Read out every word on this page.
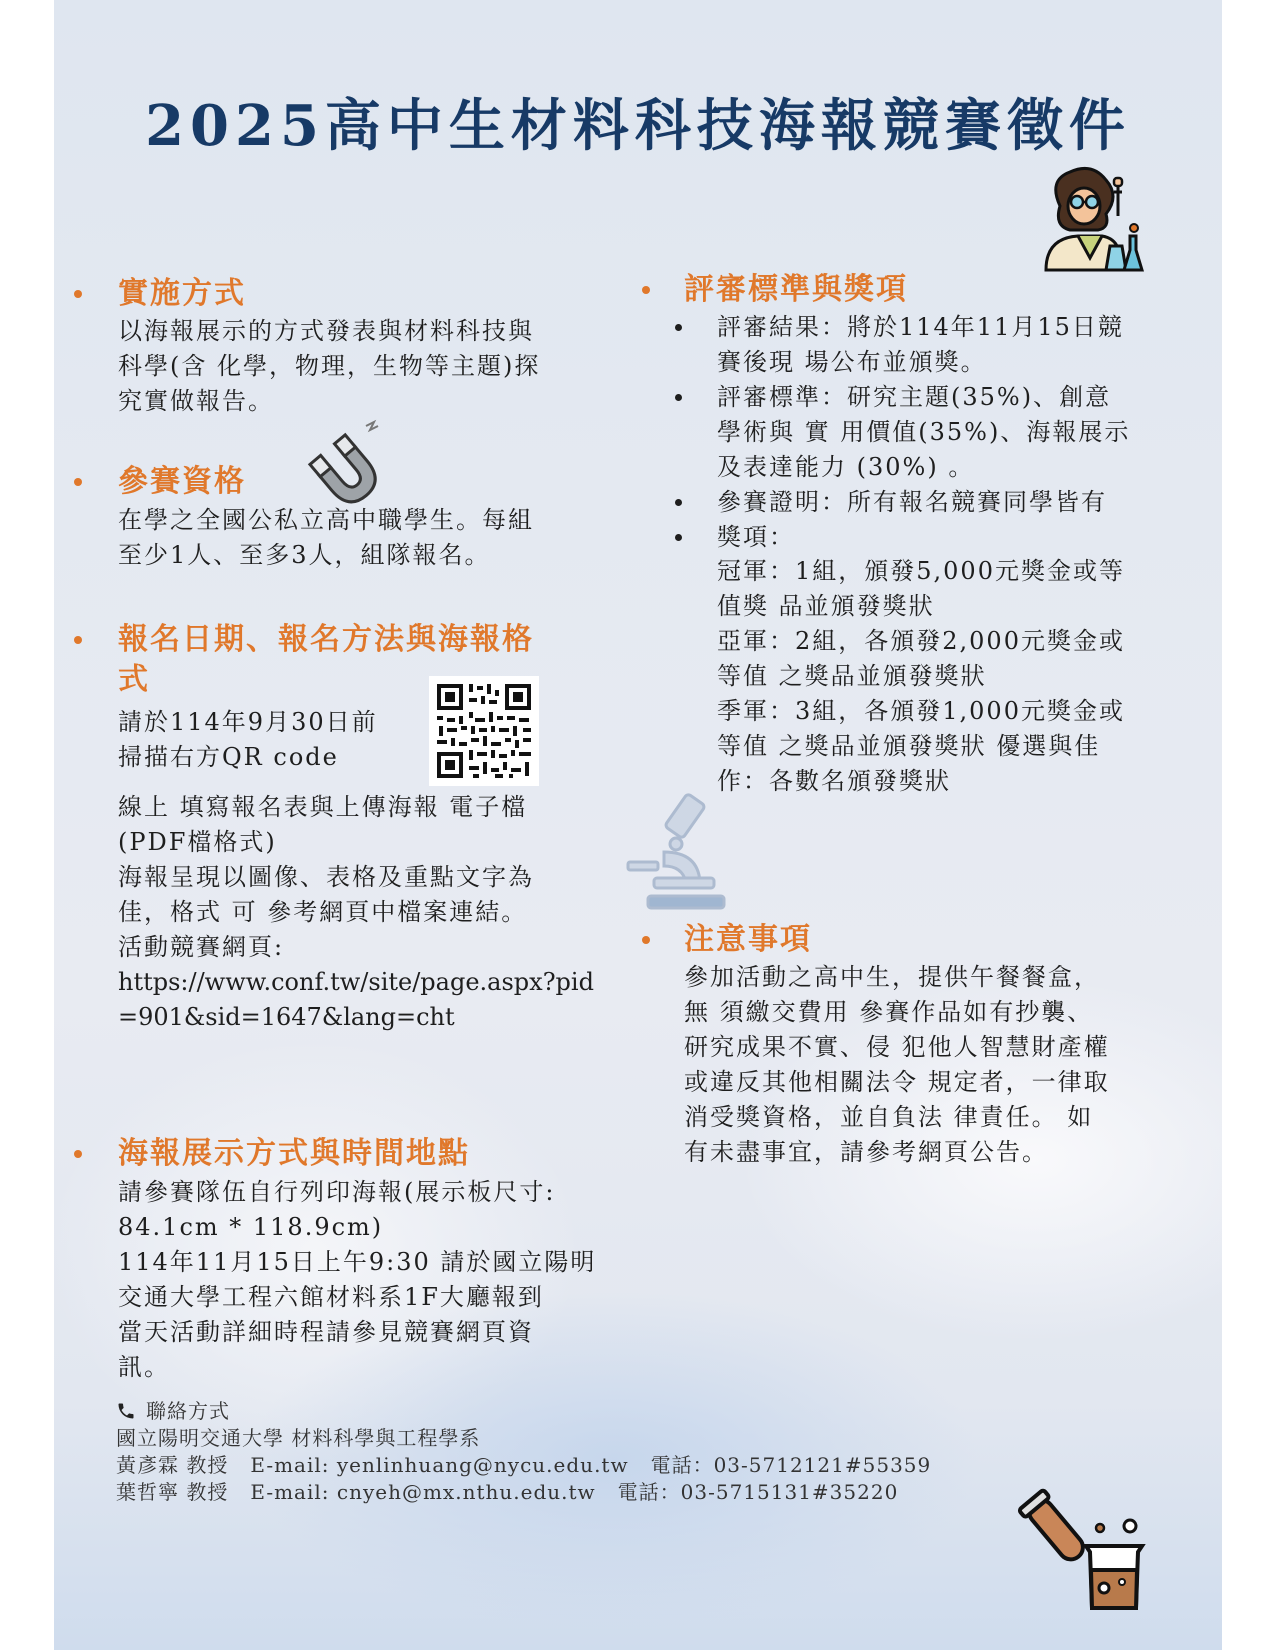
2025高中生材料科技海報競賽徵件
實施方式

以海報展示的方式發表與材料科技與

科學(含 化學，物理，生物等主題)探

究實做報告。

參賽資格

在學之全國公私立高中職學生。每組

至少1人、至多3人，組隊報名。

報名日期、報名方法與海報格
式

請於114年9月30日前

掃描右方QR code

線上 填寫報名表與上傳海報 電子檔

(PDF檔格式)

海報呈現以圖像、表格及重點文字為

佳，格式 可 參考網頁中檔案連結。

活動競賽網頁:

https://www.conf.tw/site/page.aspx?pid

=901&sid=1647&lang=cht

海報展示方式與時間地點

請參賽隊伍自行列印海報(展示板尺寸:

84.1cm * 118.9cm)

114年11月15日上午9:30 請於國立陽明

交通大學工程六館材料系1F大廳報到

當天活動詳細時程請參見競賽網頁資

訊。

評審標準與獎項
評審結果：將於114年11月15日競
賽後現 場公布並頒獎。
評審標準：研究主題(35%)、創意
學術與 實 用價值(35%)、海報展示
及表達能力 (30%) 。
參賽證明：所有報名競賽同學皆有
獎項：

冠軍：1組，頒發5,000元獎金或等

值獎 品並頒發獎狀

亞軍：2組，各頒發2,000元獎金或

等值 之獎品並頒發獎狀

季軍：3組，各頒發1,000元獎金或

等值 之獎品並頒發獎狀 優選與佳

作：各數名頒發獎狀

注意事項

參加活動之高中生，提供午餐餐盒，

無 須繳交費用 參賽作品如有抄襲、

研究成果不實、侵 犯他人智慧財產權

或違反其他相關法令 規定者，一律取

消受獎資格，並自負法 律責任。 如

有未盡事宜，請參考網頁公告。

聯絡方式

國立陽明交通大學 材料科學與工程學系

黃彥霖 教授 E-mail: yenlinhuang@nycu.edu.tw 電話：03-5712121#55359

葉哲寧 教授 E-mail: cnyeh@mx.nthu.edu.tw 電話：03-5715131#35220
